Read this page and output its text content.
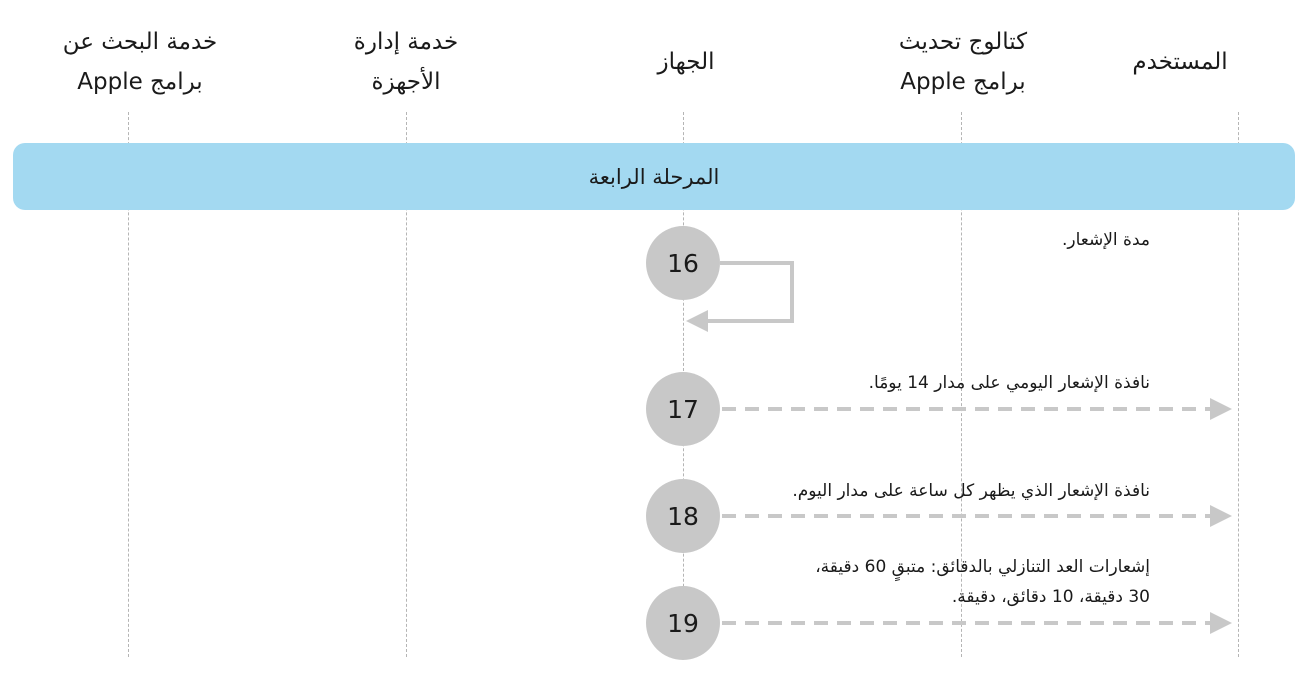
خدمة البحث عن
برامج Apple
خدمة إدارة
الأجهزة
الجهاز
كتالوج تحديث
برامج Apple
المستخدم
المرحلة الرابعة
16
17
18
19
مدة الإشعار.
نافذة الإشعار اليومي على مدار 14 يومًا.
نافذة الإشعار الذي يظهر كل ساعة على مدار اليوم.
إشعارات العد التنازلي بالدقائق: متبقٍ 60 دقيقة،
30 دقيقة، 10 دقائق، دقيقة.
